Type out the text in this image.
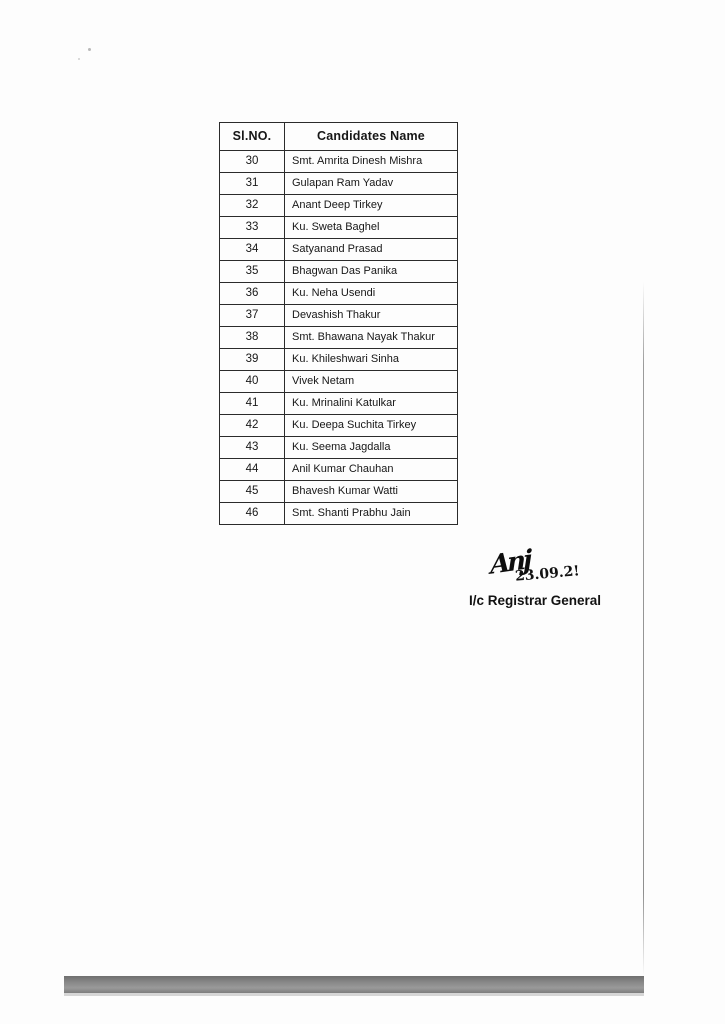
Sl.NO.	Candidates Name
30	Smt. Amrita Dinesh Mishra
31	Gulapan Ram Yadav
32	Anant Deep Tirkey
33	Ku. Sweta Baghel
34	Satyanand Prasad
35	Bhagwan Das Panika
36	Ku. Neha Usendi
37	Devashish Thakur
38	Smt. Bhawana Nayak Thakur
39	Ku. Khileshwari Sinha
40	Vivek Netam
41	Ku. Mrinalini Katulkar
42	Ku. Deepa Suchita Tirkey
43	Ku. Seema Jagdalla
44	Anil Kumar Chauhan
45	Bhavesh Kumar Watti
46	Smt. Shanti Prabhu Jain
Anj
23.09.2!
I/c Registrar General
